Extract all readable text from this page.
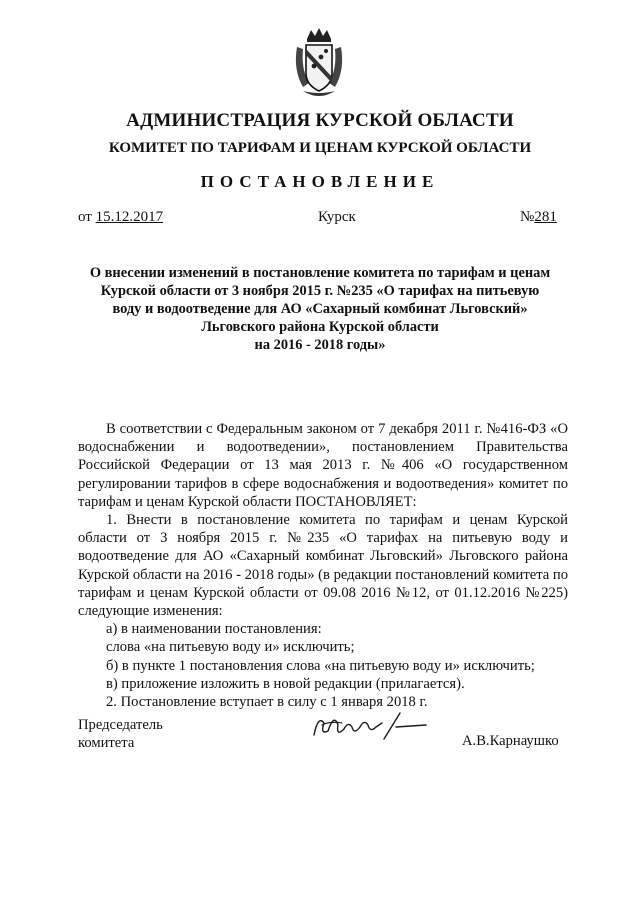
АДМИНИСТРАЦИЯ КУРСКОЙ ОБЛАСТИ
КОМИТЕТ ПО ТАРИФАМ И ЦЕНАМ КУРСКОЙ ОБЛАСТИ
ПОСТАНОВЛЕНИЕ
от 15.12.2017	Курск	№281
О внесении изменений в постановление комитета по тарифам и ценам
Курской области от 3 ноября 2015 г. №235 «О тарифах на питьевую
воду и водоотведение для АО «Сахарный комбинат Льговский»
Льговского района Курской области
на 2016 - 2018 годы»

В соответствии с Федеральным законом от 7 декабря 2011 г. №416-ФЗ «О водоснабжении и водоотведении», постановлением Правительства Российской Федерации от 13 мая 2013 г. №406 «О государственном регулировании тарифов в сфере водоснабжения и водоотведения» комитет по тарифам и ценам Курской области ПОСТАНОВЛЯЕТ:

1. Внести в постановление комитета по тарифам и ценам Курской области от 3 ноября 2015 г. №235 «О тарифах на питьевую воду и водоотведение для АО «Сахарный комбинат Льговский» Льговского района Курской области на 2016 - 2018 годы» (в редакции постановлений комитета по тарифам и ценам Курской области от 09.08 2016 №12, от 01.12.2016 №225) следующие изменения:

а) в наименовании постановления:

слова «на питьевую воду и» исключить;

б) в пункте 1 постановления слова «на питьевую воду и» исключить;

в) приложение изложить в новой редакции (прилагается).

2. Постановление вступает в силу с 1 января 2018 г.

Председатель
комитета	А.В.Карнаушко
